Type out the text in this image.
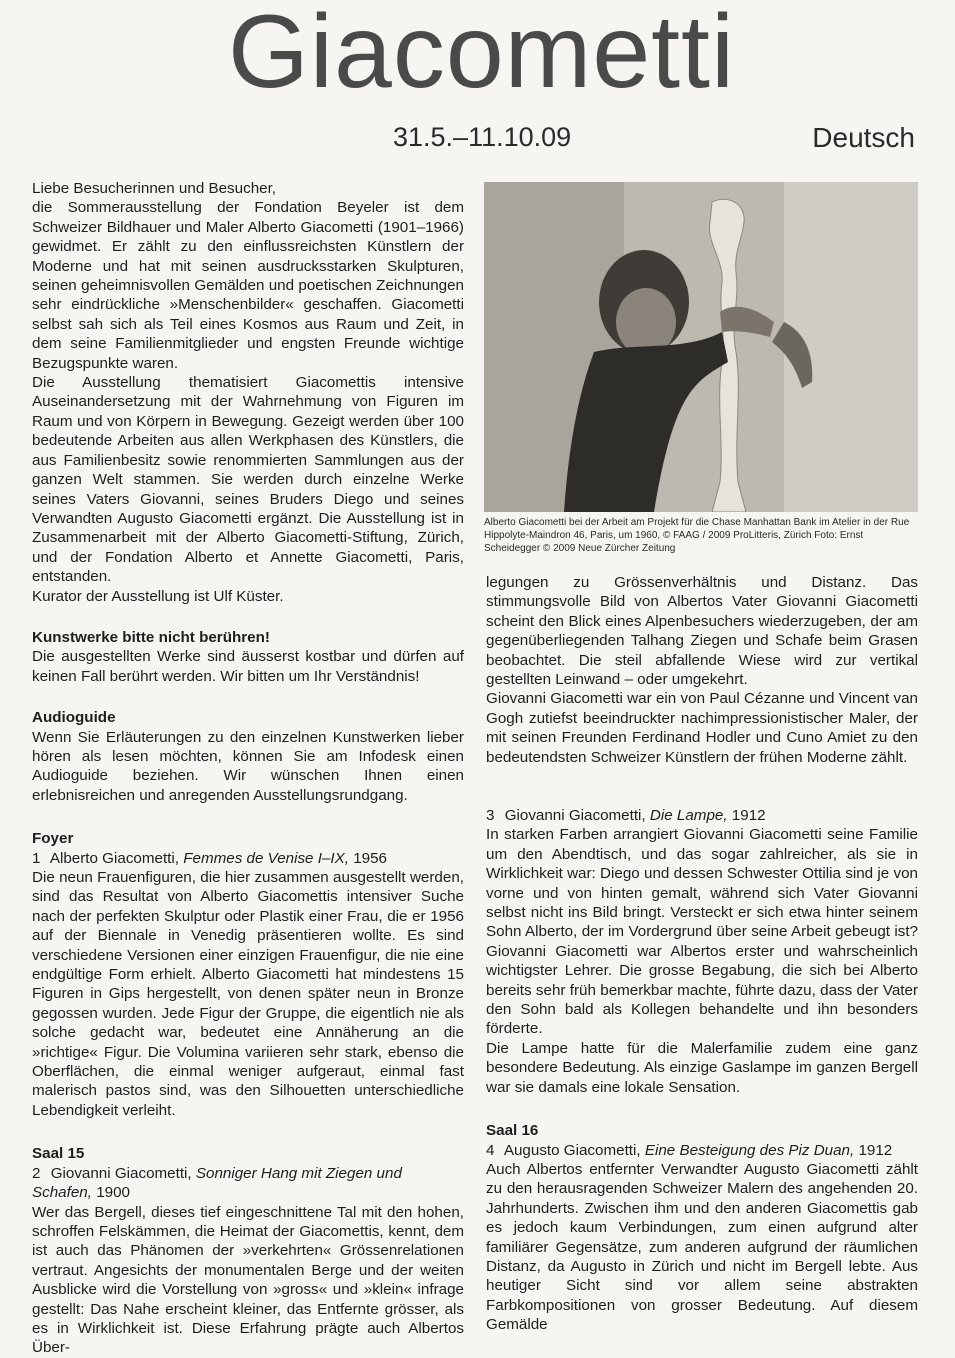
Giacometti
31.5.–11.10.09	Deutsch

Liebe Besucherinnen und Besucher,

die Sommerausstellung der Fondation Beyeler ist dem Schweizer Bildhauer und Maler Alberto Giacometti (1901–1966) gewidmet. Er zählt zu den einflussreichsten Künstlern der Moderne und hat mit seinen ausdrucksstarken Skulpturen, seinen geheimnisvollen Gemälden und poetischen Zeichnungen sehr eindrückliche »Menschenbilder« geschaffen. Giacometti selbst sah sich als Teil eines Kosmos aus Raum und Zeit, in dem seine Familienmitglieder und engsten Freunde wichtige Bezugspunkte waren.

Die Ausstellung thematisiert Giacomettis intensive Auseinandersetzung mit der Wahrnehmung von Figuren im Raum und von Körpern in Bewegung. Gezeigt werden über 100 bedeutende Arbeiten aus allen Werkphasen des Künstlers, die aus Familienbesitz sowie renommierten Sammlungen aus der ganzen Welt stammen. Sie werden durch einzelne Werke seines Vaters Giovanni, seines Bruders Diego und seines Verwandten Augusto Giacometti ergänzt. Die Ausstellung ist in Zusammenarbeit mit der Alberto Giacometti-Stiftung, Zürich, und der Fondation Alberto et Annette Giacometti, Paris, entstanden.

Kurator der Ausstellung ist Ulf Küster.

Kunstwerke bitte nicht berühren!

Die ausgestellten Werke sind äusserst kostbar und dürfen auf keinen Fall berührt werden. Wir bitten um Ihr Verständnis!

Audioguide

Wenn Sie Erläuterungen zu den einzelnen Kunstwerken lieber hören als lesen möchten, können Sie am Infodesk einen Audioguide beziehen. Wir wünschen Ihnen einen erlebnisreichen und anregenden Ausstellungsrundgang.

Foyer
1 Alberto Giacometti, Femmes de Venise I–IX, 1956

Die neun Frauenfiguren, die hier zusammen ausgestellt werden, sind das Resultat von Alberto Giacomettis intensiver Suche nach der perfekten Skulptur oder Plastik einer Frau, die er 1956 auf der Biennale in Venedig präsentieren wollte. Es sind verschiedene Versionen einer einzigen Frauenfigur, die nie eine endgültige Form erhielt. Alberto Giacometti hat mindestens 15 Figuren in Gips hergestellt, von denen später neun in Bronze gegossen wurden. Jede Figur der Gruppe, die eigentlich nie als solche gedacht war, bedeutet eine Annäherung an die »richtige« Figur. Die Volumina variieren sehr stark, ebenso die Oberflächen, die einmal weniger aufgeraut, einmal fast malerisch pastos sind, was den Silhouetten unterschiedliche Lebendigkeit verleiht.

Saal 15
2 Giovanni Giacometti, Sonniger Hang mit Ziegen und Schafen, 1900

Wer das Bergell, dieses tief eingeschnittene Tal mit den hohen, schroffen Felskämmen, die Heimat der Giacomettis, kennt, dem ist auch das Phänomen der »verkehrten« Grössenrelationen vertraut. Angesichts der monumentalen Berge und der weiten Ausblicke wird die Vorstellung von »gross« und »klein« infrage gestellt: Das Nahe erscheint kleiner, das Entfernte grösser, als es in Wirklichkeit ist. Diese Erfahrung prägte auch Albertos Über-

Alberto Giacometti bei der Arbeit am Projekt für die Chase Manhattan Bank im Atelier in der Rue Hippolyte-Maindron 46, Paris, um 1960, © FAAG / 2009 ProLitteris, Zürich Foto: Ernst Scheidegger © 2009 Neue Zürcher Zeitung

legungen zu Grössenverhältnis und Distanz. Das stimmungsvolle Bild von Albertos Vater Giovanni Giacometti scheint den Blick eines Alpenbesuchers wiederzugeben, der am gegenüberliegenden Talhang Ziegen und Schafe beim Grasen beobachtet. Die steil abfallende Wiese wird zur vertikal gestellten Leinwand – oder umgekehrt.

Giovanni Giacometti war ein von Paul Cézanne und Vincent van Gogh zutiefst beeindruckter nachimpressionistischer Maler, der mit seinen Freunden Ferdinand Hodler und Cuno Amiet zu den bedeutendsten Schweizer Künstlern der frühen Moderne zählt.

3 Giovanni Giacometti, Die Lampe, 1912

In starken Farben arrangiert Giovanni Giacometti seine Familie um den Abendtisch, und das sogar zahlreicher, als sie in Wirklichkeit war: Diego und dessen Schwester Ottilia sind je von vorne und von hinten gemalt, während sich Vater Giovanni selbst nicht ins Bild bringt. Versteckt er sich etwa hinter seinem Sohn Alberto, der im Vordergrund über seine Arbeit gebeugt ist? Giovanni Giacometti war Albertos erster und wahrscheinlich wichtigster Lehrer. Die grosse Begabung, die sich bei Alberto bereits sehr früh bemerkbar machte, führte dazu, dass der Vater den Sohn bald als Kollegen behandelte und ihn besonders förderte.

Die Lampe hatte für die Malerfamilie zudem eine ganz besondere Bedeutung. Als einzige Gaslampe im ganzen Bergell war sie damals eine lokale Sensation.

Saal 16
4 Augusto Giacometti, Eine Besteigung des Piz Duan, 1912

Auch Albertos entfernter Verwandter Augusto Giacometti zählt zu den herausragenden Schweizer Malern des angehenden 20. Jahrhunderts. Zwischen ihm und den anderen Giacomettis gab es jedoch kaum Verbindungen, zum einen aufgrund alter familiärer Gegensätze, zum anderen aufgrund der räumlichen Distanz, da Augusto in Zürich und nicht im Bergell lebte. Aus heutiger Sicht sind vor allem seine abstrakten Farbkompositionen von grosser Bedeutung. Auf diesem Gemälde
